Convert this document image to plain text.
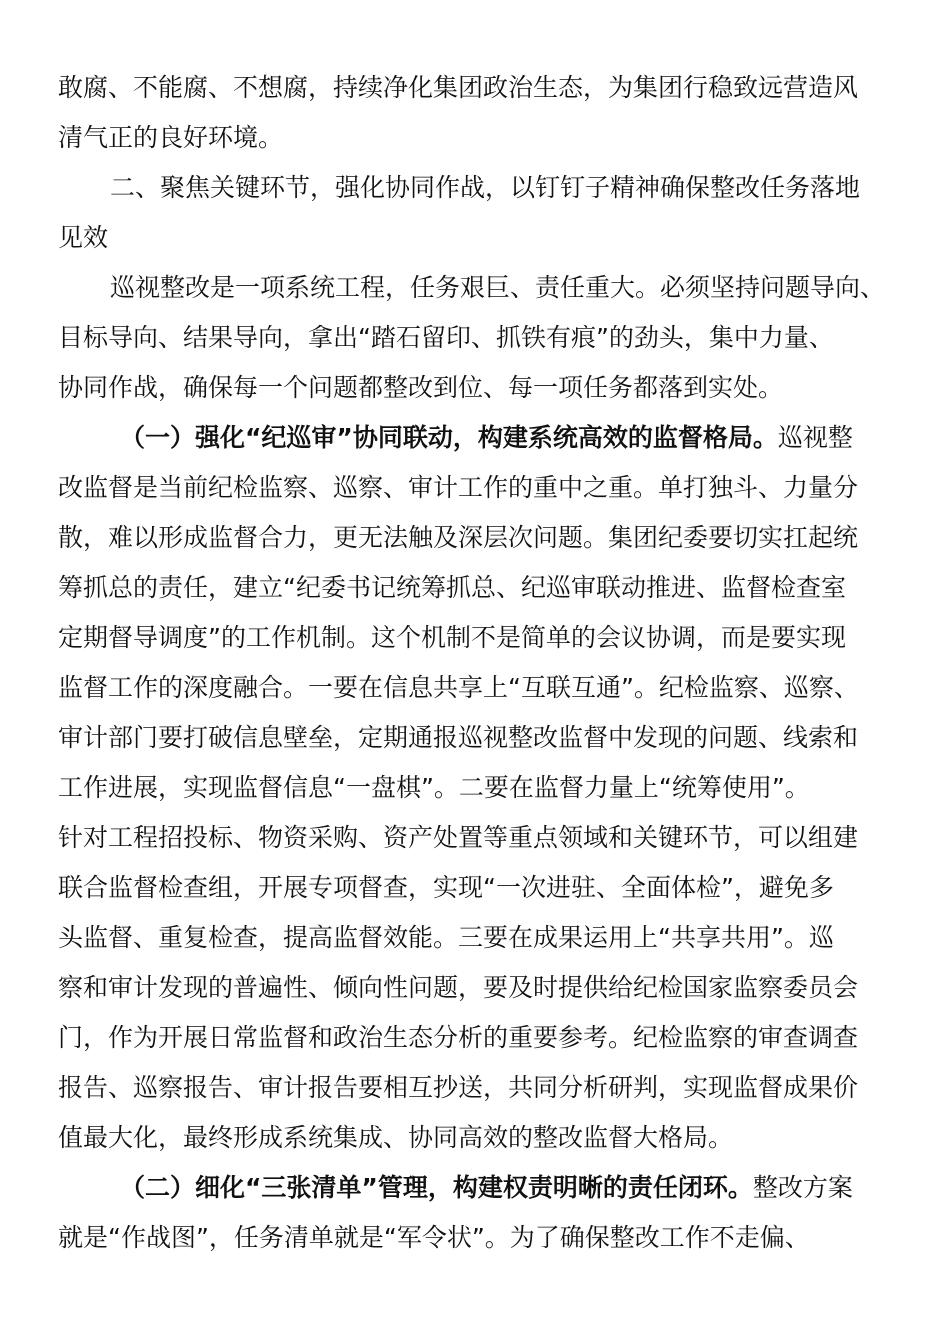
敢腐、不能腐、不想腐，持续净化集团政治生态，为集团行稳致远营造风
清气正的良好环境。
二、聚焦关键环节，强化协同作战，以钉钉子精神确保整改任务落地
见效
巡视整改是一项系统工程，任务艰巨、责任重大。必须坚持问题导向、
目标导向、结果导向，拿出“踏石留印、抓铁有痕”的劲头，集中力量、
协同作战，确保每一个问题都整改到位、每一项任务都落到实处。
（一）强化“纪巡审”协同联动，构建系统高效的监督格局。巡视整
改监督是当前纪检监察、巡察、审计工作的重中之重。单打独斗、力量分
散，难以形成监督合力，更无法触及深层次问题。集团纪委要切实扛起统
筹抓总的责任，建立“纪委书记统筹抓总、纪巡审联动推进、监督检查室
定期督导调度”的工作机制。这个机制不是简单的会议协调，而是要实现
监督工作的深度融合。一要在信息共享上“互联互通”。纪检监察、巡察、
审计部门要打破信息壁垒，定期通报巡视整改监督中发现的问题、线索和
工作进展，实现监督信息“一盘棋”。二要在监督力量上“统筹使用”。
针对工程招投标、物资采购、资产处置等重点领域和关键环节，可以组建
联合监督检查组，开展专项督查，实现“一次进驻、全面体检”，避免多
头监督、重复检查，提高监督效能。三要在成果运用上“共享共用”。巡
察和审计发现的普遍性、倾向性问题，要及时提供给纪检国家监察委员会
门，作为开展日常监督和政治生态分析的重要参考。纪检监察的审查调查
报告、巡察报告、审计报告要相互抄送，共同分析研判，实现监督成果价
值最大化，最终形成系统集成、协同高效的整改监督大格局。
（二）细化“三张清单”管理，构建权责明晰的责任闭环。整改方案
就是“作战图”，任务清单就是“军令状”。为了确保整改工作不走偏、
